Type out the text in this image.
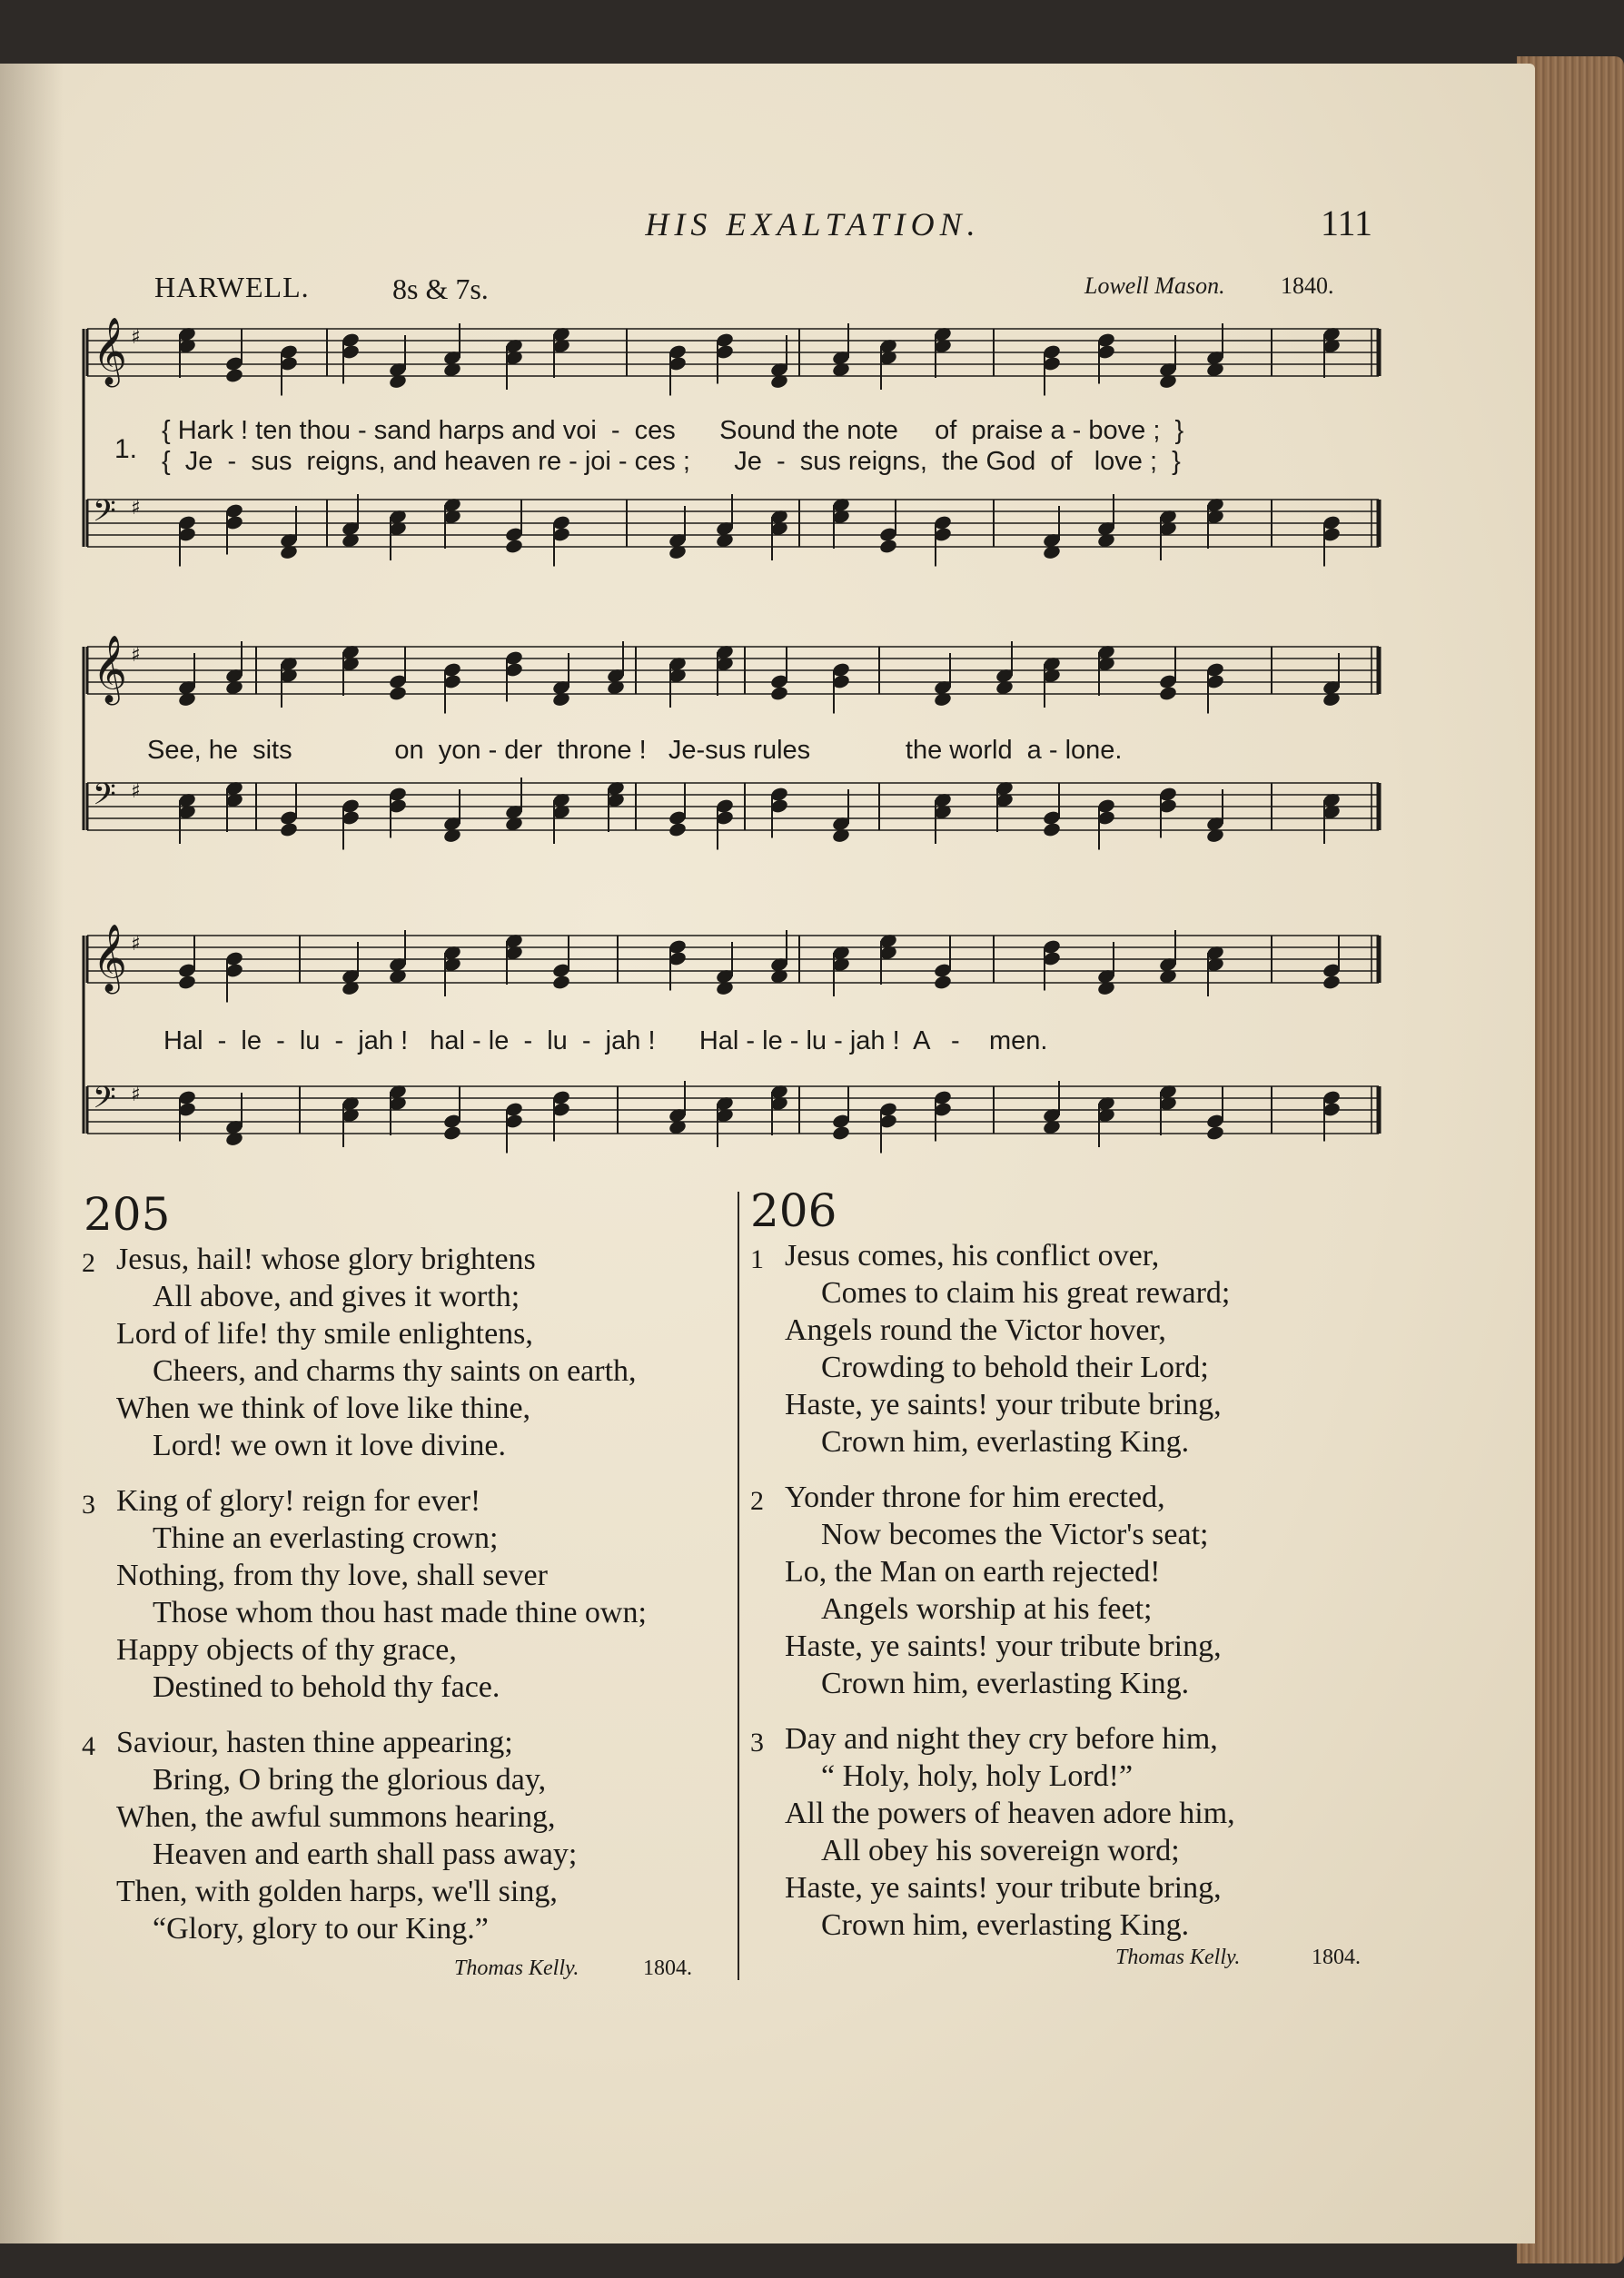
HIS EXALTATION.	111
HARWELL.	8s & 7s.	Lowell Mason. 1840.
𝄞 ♯
𝄢 ♯
𝄞 ♯
𝄢 ♯
𝄞 ♯
𝄢 ♯
1.
{ Hark ! ten thou - sand harps and voi  -  ces      Sound the note     of  praise a - bove ;  }
{  Je  -  sus  reigns, and heaven re - joi - ces ;      Je  -  sus reigns,  the God  of   love ;  }
See, he  sits              on  yon - der  throne !   Je-sus rules             the world  a - lone.
Hal  -  le  -  lu  -  jah !   hal - le  -  lu  -  jah !      Hal - le - lu - jah !  A   -    men.
205
2 Jesus, hail! whose glory brightens
All above, and gives it worth;
Lord of life! thy smile enlightens,
Cheers, and charms thy saints on earth,
When we think of love like thine,
Lord! we own it love divine.
3 King of glory! reign for ever!
Thine an everlasting crown;
Nothing, from thy love, shall sever
Those whom thou hast made thine own;
Happy objects of thy grace,
Destined to behold thy face.
4 Saviour, hasten thine appearing;
Bring, O bring the glorious day,
When, the awful summons hearing,
Heaven and earth shall pass away;
Then, with golden harps, we'll sing,
“Glory, glory to our King.”
Thomas Kelly.	1804.
206
1 Jesus comes, his conflict over,
Comes to claim his great reward;
Angels round the Victor hover,
Crowding to behold their Lord;
Haste, ye saints! your tribute bring,
Crown him, everlasting King.
2 Yonder throne for him erected,
Now becomes the Victor's seat;
Lo, the Man on earth rejected!
Angels worship at his feet;
Haste, ye saints! your tribute bring,
Crown him, everlasting King.
3 Day and night they cry before him,
“ Holy, holy, holy Lord!”
All the powers of heaven adore him,
All obey his sovereign word;
Haste, ye saints! your tribute bring,
Crown him, everlasting King.
Thomas Kelly.	1804.
